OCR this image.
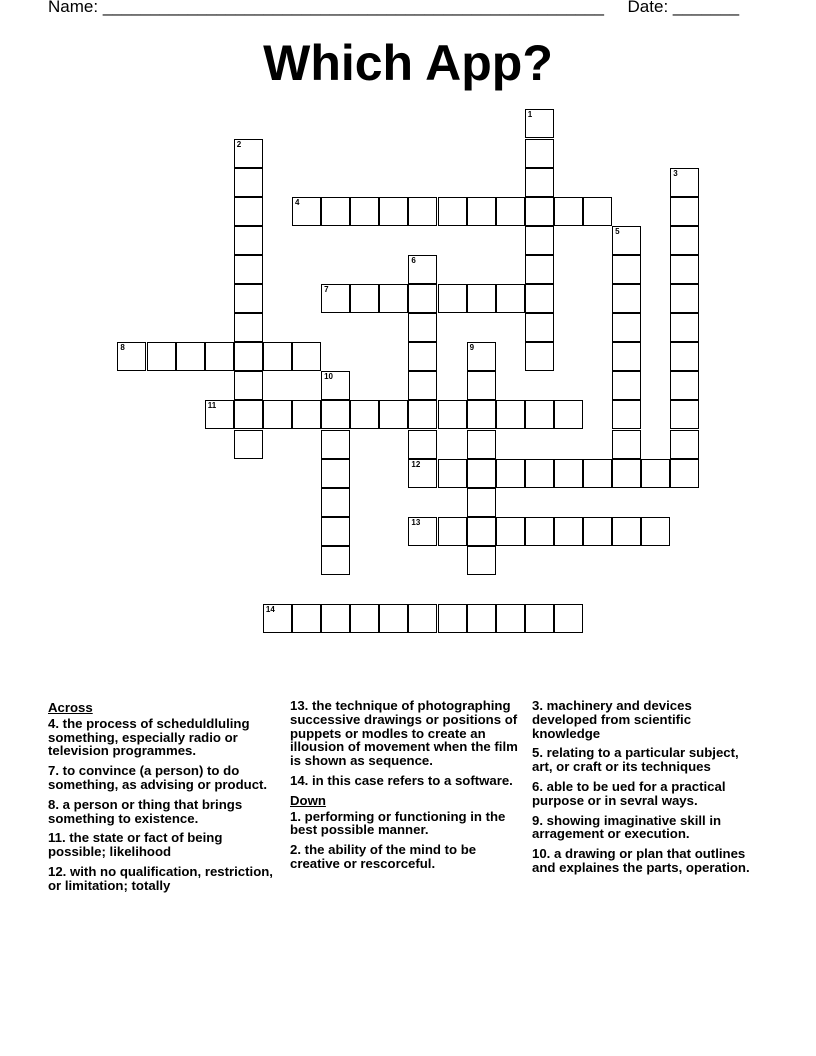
Name: _____________________________________________________ Date: _______
Which App?
1
2
3
4
5
6
7
8	9
10
11
12
13
14
Across
4. the process of scheduldluling something, especially radio or television programmes.
7. to convince (a person) to do something, as advising or product.
8. a person or thing that brings something to existence.
11. the state or fact of being possible; likelihood
12. with no qualification, restriction, or limitation; totally
13. the technique of photographing successive drawings or positions of puppets or modles to create an illousion of movement when the film is shown as sequence.
14. in this case refers to a software.
Down
1. performing or functioning in the best possible manner.
2. the ability of the mind to be creative or rescorceful.
3. machinery and devices developed from scientific knowledge
5. relating to a particular subject, art, or craft or its techniques
6. able to be ued for a practical purpose or in sevral ways.
9. showing imaginative skill in arragement or execution.
10. a drawing or plan that outlines and explaines the parts, operation.
